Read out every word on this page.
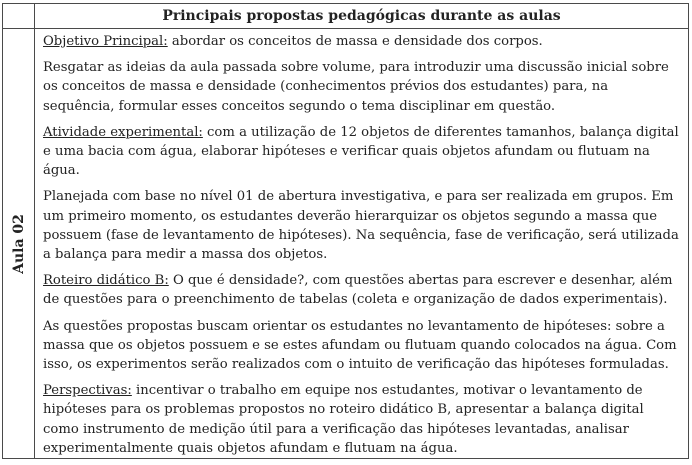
Principais propostas pedagógicas durante as aulas
Aula 02

Objetivo Principal: abordar os conceitos de massa e densidade dos corpos.

Resgatar as ideias da aula passada sobre volume, para introduzir uma discussão inicial sobre os conceitos de massa e densidade (conhecimentos prévios dos estudantes) para, na sequência, formular esses conceitos segundo o tema disciplinar em questão.

Atividade experimental: com a utilização de 12 objetos de diferentes tamanhos, balança digital e uma bacia com água, elaborar hipóteses e verificar quais objetos afundam ou flutuam na água.

Planejada com base no nível 01 de abertura investigativa, e para ser realizada em grupos. Em um primeiro momento, os estudantes deverão hierarquizar os objetos segundo a massa que possuem (fase de levantamento de hipóteses). Na sequência, fase de verificação, será utilizada a balança para medir a massa dos objetos.

Roteiro didático B: O que é densidade?, com questões abertas para escrever e desenhar, além de questões para o preenchimento de tabelas (coleta e organização de dados experimentais).

As questões propostas buscam orientar os estudantes no levantamento de hipóteses: sobre a massa que os objetos possuem e se estes afundam ou flutuam quando colocados na água. Com isso, os experimentos serão realizados com o intuito de verificação das hipóteses formuladas.

Perspectivas: incentivar o trabalho em equipe nos estudantes, motivar o levantamento de hipóteses para os problemas propostos no roteiro didático B, apresentar a balança digital como instrumento de medição útil para a verificação das hipóteses levantadas, analisar experimentalmente quais objetos afundam e flutuam na água.
